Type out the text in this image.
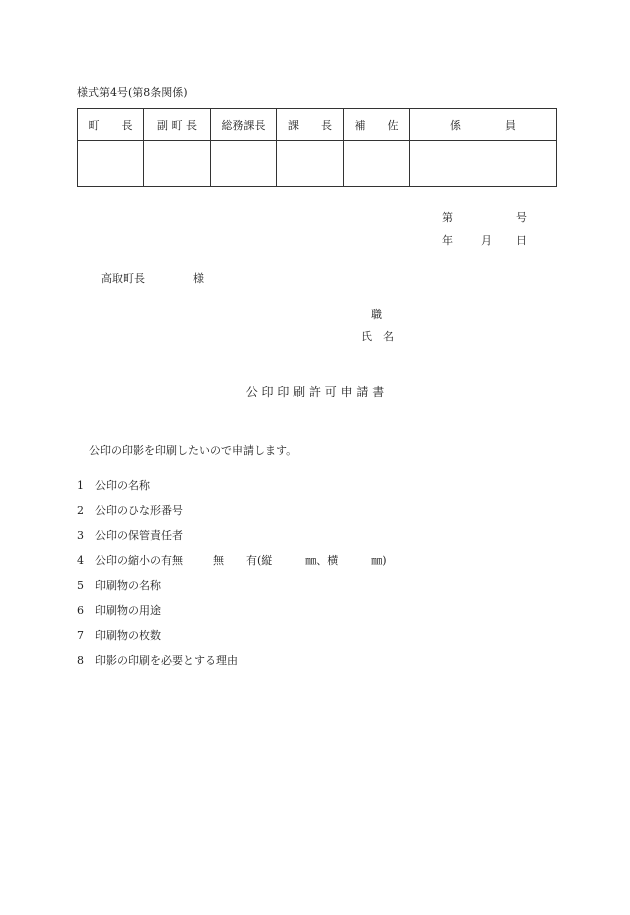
様式第4号(第8条関係)
町　　長	副 町 長	総務課長	課　　長	補　　佐	係　　　　員

第	号
年	月 日
高取町長	様
職
氏　名
公 印 印 刷 許 可 申 請 書
公印の印影を印刷したいので申請します。
1 公印の名称
2 公印のひな形番号
3 公印の保管責任者
4 公印の縮小の有無	無　　有(縦　　　㎜、横　　　㎜)
5 印刷物の名称
6 印刷物の用途
7 印刷物の枚数
8 印影の印刷を必要とする理由
